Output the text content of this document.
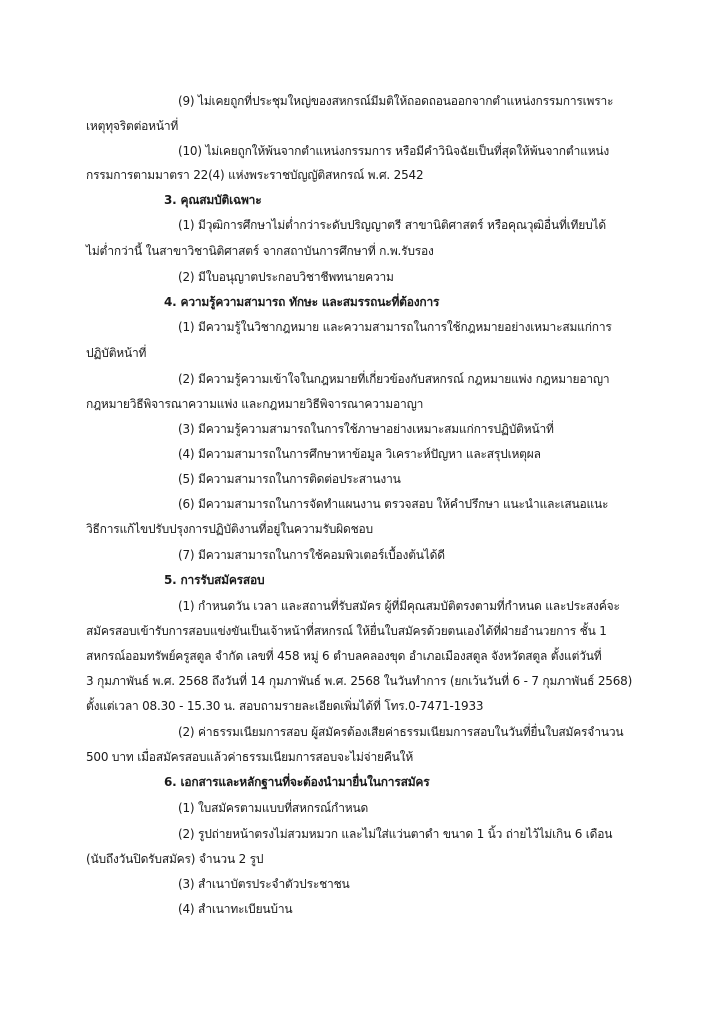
(9) ไม่เคยถูกที่ประชุมใหญ่ของสหกรณ์มีมติให้ถอดถอนออกจากตำแหน่งกรรมการเพราะ
เหตุทุจริตต่อหน้าที่
(10) ไม่เคยถูกให้พ้นจากตำแหน่งกรรมการ หรือมีคำวินิจฉัยเป็นที่สุดให้พ้นจากตำแหน่ง
กรรมการตามมาตรา 22(4) แห่งพระราชบัญญัติสหกรณ์ พ.ศ. 2542
3. คุณสมบัติเฉพาะ
(1) มีวุฒิการศึกษาไม่ต่ำกว่าระดับปริญญาตรี สาขานิติศาสตร์ หรือคุณวุฒิอื่นที่เทียบได้
ไม่ต่ำกว่านี้ ในสาขาวิชานิติศาสตร์ จากสถาบันการศึกษาที่ ก.พ.รับรอง
(2) มีใบอนุญาตประกอบวิชาชีพทนายความ
4. ความรู้ความสามารถ ทักษะ และสมรรถนะที่ต้องการ
(1) มีความรู้ในวิชากฎหมาย และความสามารถในการใช้กฎหมายอย่างเหมาะสมแก่การ
ปฏิบัติหน้าที่
(2) มีความรู้ความเข้าใจในกฎหมายที่เกี่ยวข้องกับสหกรณ์ กฎหมายแพ่ง กฎหมายอาญา
กฎหมายวิธีพิจารณาความแพ่ง และกฎหมายวิธีพิจารณาความอาญา
(3) มีความรู้ความสามารถในการใช้ภาษาอย่างเหมาะสมแก่การปฏิบัติหน้าที่
(4) มีความสามารถในการศึกษาหาข้อมูล วิเคราะห์ปัญหา และสรุปเหตุผล
(5) มีความสามารถในการติดต่อประสานงาน
(6) มีความสามารถในการจัดทำแผนงาน ตรวจสอบ ให้คำปรึกษา แนะนำและเสนอแนะ
วิธีการแก้ไขปรับปรุงการปฏิบัติงานที่อยู่ในความรับผิดชอบ
(7) มีความสามารถในการใช้คอมพิวเตอร์เบื้องต้นได้ดี
5. การรับสมัครสอบ
(1) กำหนดวัน เวลา และสถานที่รับสมัคร ผู้ที่มีคุณสมบัติตรงตามที่กำหนด และประสงค์จะ
สมัครสอบเข้ารับการสอบแข่งขันเป็นเจ้าหน้าที่สหกรณ์ ให้ยื่นใบสมัครด้วยตนเองได้ที่ฝ่ายอำนวยการ ชั้น 1
สหกรณ์ออมทรัพย์ครูสตูล จำกัด เลขที่ 458 หมู่ 6 ตำบลคลองขุด อำเภอเมืองสตูล จังหวัดสตูล ตั้งแต่วันที่
3 กุมภาพันธ์ พ.ศ. 2568 ถึงวันที่ 14 กุมภาพันธ์ พ.ศ. 2568 ในวันทำการ (ยกเว้นวันที่ 6 - 7 กุมภาพันธ์ 2568)
ตั้งแต่เวลา 08.30 - 15.30 น. สอบถามรายละเอียดเพิ่มได้ที่ โทร.0-7471-1933
(2) ค่าธรรมเนียมการสอบ ผู้สมัครต้องเสียค่าธรรมเนียมการสอบในวันที่ยื่นใบสมัครจำนวน
500 บาท เมื่อสมัครสอบแล้วค่าธรรมเนียมการสอบจะไม่จ่ายคืนให้
6. เอกสารและหลักฐานที่จะต้องนำมายื่นในการสมัคร
(1) ใบสมัครตามแบบที่สหกรณ์กำหนด
(2) รูปถ่ายหน้าตรงไม่สวมหมวก และไม่ใส่แว่นตาดำ ขนาด 1 นิ้ว ถ่ายไว้ไม่เกิน 6 เดือน
(นับถึงวันปิดรับสมัคร) จำนวน 2 รูป
(3) สำเนาบัตรประจำตัวประชาชน
(4) สำเนาทะเบียนบ้าน
